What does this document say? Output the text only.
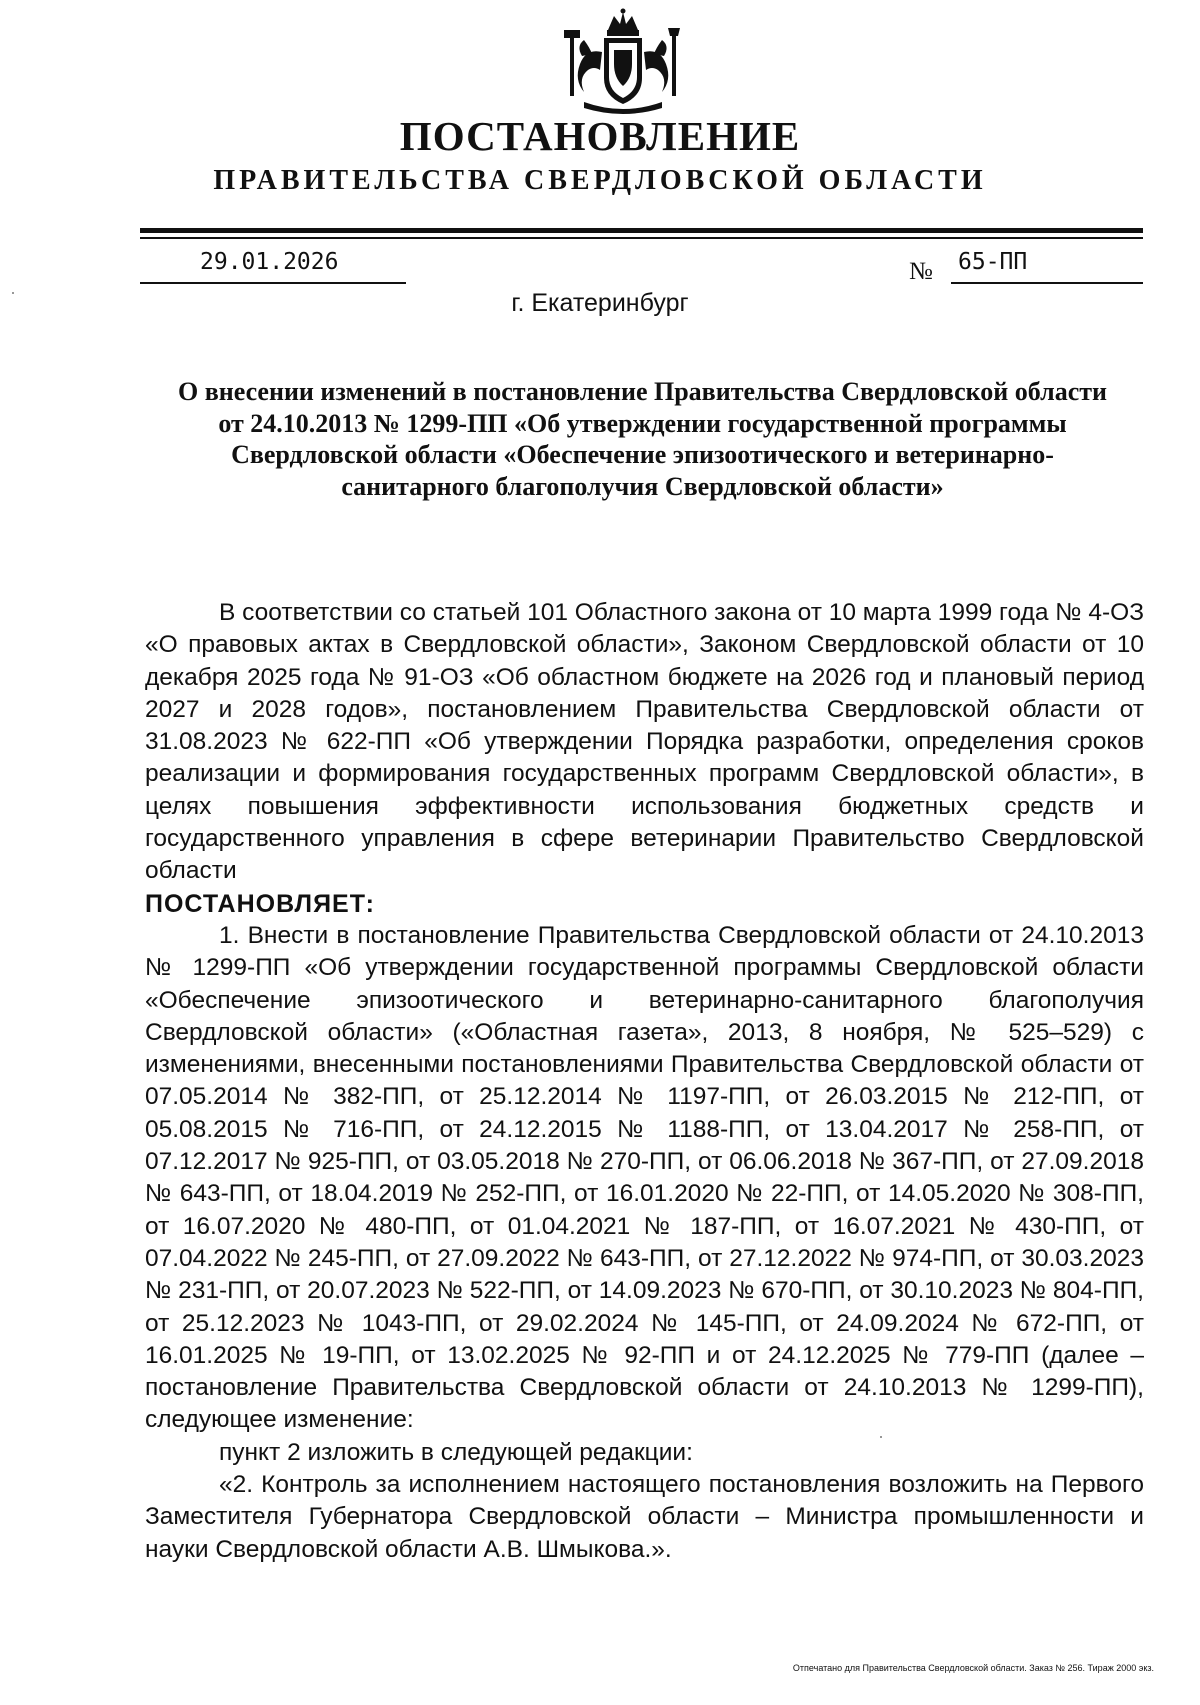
ПОСТАНОВЛЕНИЕ
ПРАВИТЕЛЬСТВА СВЕРДЛОВСКОЙ ОБЛАСТИ
29.01.2026	№ 65-ПП
г. Екатеринбург
О внесении изменений в постановление Правительства Свердловской области от 24.10.2013 № 1299-ПП «Об утверждении государственной программы Свердловской области «Обеспечение эпизоотического и ветеринарно-санитарного благополучия Свердловской области»

В соответствии со статьей 101 Областного закона от 10 марта 1999 года № 4-ОЗ «О правовых актах в Свердловской области», Законом Свердловской области от 10 декабря 2025 года № 91-ОЗ «Об областном бюджете на 2026 год и плановый период 2027 и 2028 годов», постановлением Правительства Свердловской области от 31.08.2023 № 622-ПП «Об утверждении Порядка разработки, определения сроков реализации и формирования государственных программ Свердловской области», в целях повышения эффективности использования бюджетных средств и государственного управления в сфере ветеринарии Правительство Свердловской области

ПОСТАНОВЛЯЕТ:

1. Внести в постановление Правительства Свердловской области от 24.10.2013 № 1299-ПП «Об утверждении государственной программы Свердловской области «Обеспечение эпизоотического и ветеринарно-санитарного благополучия Свердловской области» («Областная газета», 2013, 8 ноября, № 525–529) с изменениями, внесенными постановлениями Правительства Свердловской области от 07.05.2014 № 382-ПП, от 25.12.2014 № 1197-ПП, от 26.03.2015 № 212-ПП, от 05.08.2015 № 716-ПП, от 24.12.2015 № 1188-ПП, от 13.04.2017 № 258-ПП, от 07.12.2017 № 925-ПП, от 03.05.2018 № 270-ПП, от 06.06.2018 № 367-ПП, от 27.09.2018 № 643-ПП, от 18.04.2019 № 252-ПП, от 16.01.2020 № 22-ПП, от 14.05.2020 № 308-ПП, от 16.07.2020 № 480-ПП, от 01.04.2021 № 187-ПП, от 16.07.2021 № 430-ПП, от 07.04.2022 № 245-ПП, от 27.09.2022 № 643-ПП, от 27.12.2022 № 974-ПП, от 30.03.2023 № 231-ПП, от 20.07.2023 № 522-ПП, от 14.09.2023 № 670-ПП, от 30.10.2023 № 804-ПП, от 25.12.2023 № 1043-ПП, от 29.02.2024 № 145-ПП, от 24.09.2024 № 672-ПП, от 16.01.2025 № 19-ПП, от 13.02.2025 № 92-ПП и от 24.12.2025 № 779-ПП (далее – постановление Правительства Свердловской области от 24.10.2013 № 1299-ПП), следующее изменение:

пункт 2 изложить в следующей редакции:

«2. Контроль за исполнением настоящего постановления возложить на Первого Заместителя Губернатора Свердловской области – Министра промышленности и науки Свердловской области А.В. Шмыкова.».

Отпечатано для Правительства Свердловской области. Заказ № 256. Тираж 2000 экз.
